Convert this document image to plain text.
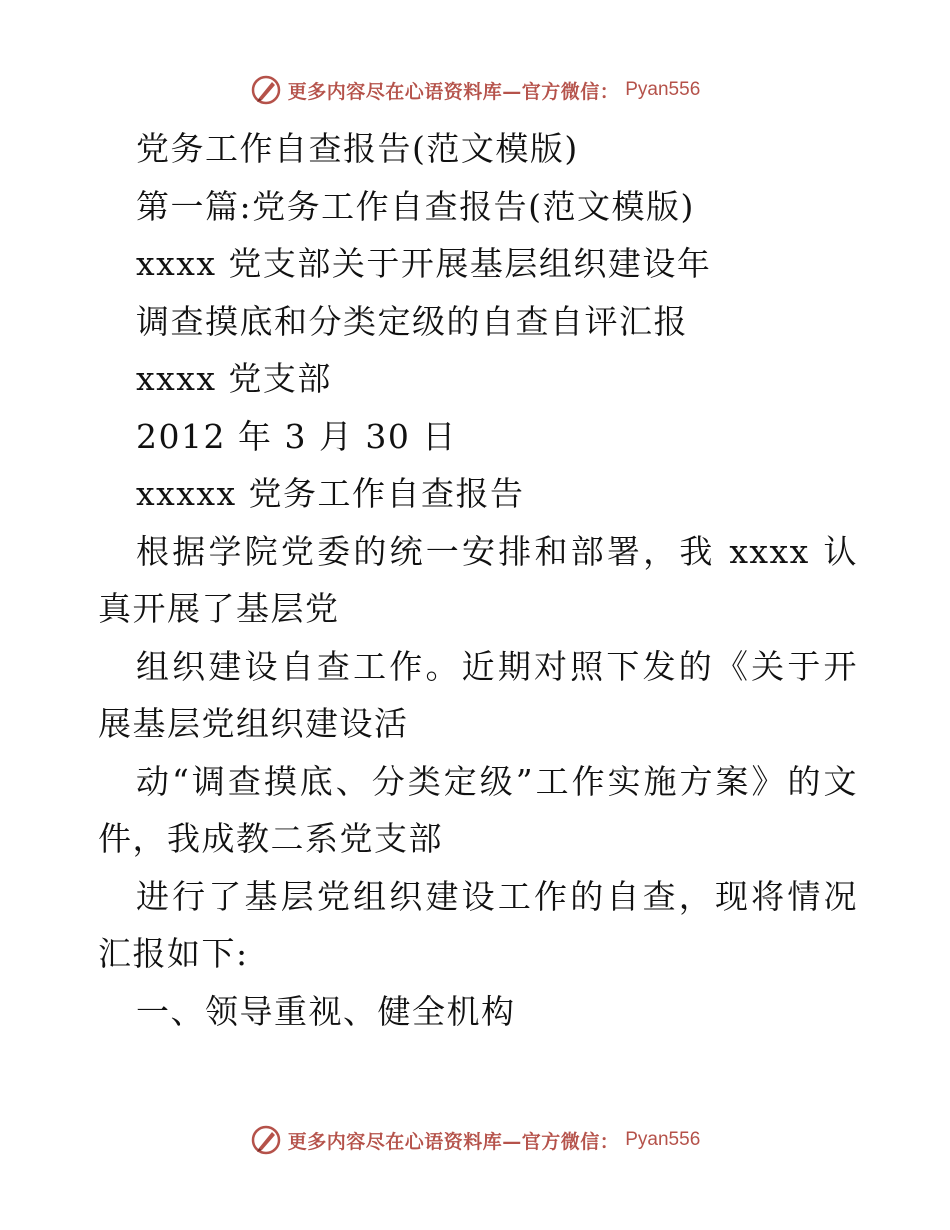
更多内容尽在心语资料库—官方微信： Pyan556

党务工作自查报告(范文模版)

第一篇:党务工作自查报告(范文模版)

xxxx 党支部关于开展基层组织建设年

调查摸底和分类定级的自查自评汇报

xxxx 党支部

2012 年 3 月 30 日

xxxxx 党务工作自查报告

根据学院党委的统一安排和部署，我 xxxx 认真开展了基层党

组织建设自查工作。近期对照下发的《关于开展基层党组织建设活

动“调查摸底、分类定级”工作实施方案》的文件，我成教二系党支部

进行了基层党组织建设工作的自查，现将情况汇报如下:

一、领导重视、健全机构

更多内容尽在心语资料库—官方微信： Pyan556
